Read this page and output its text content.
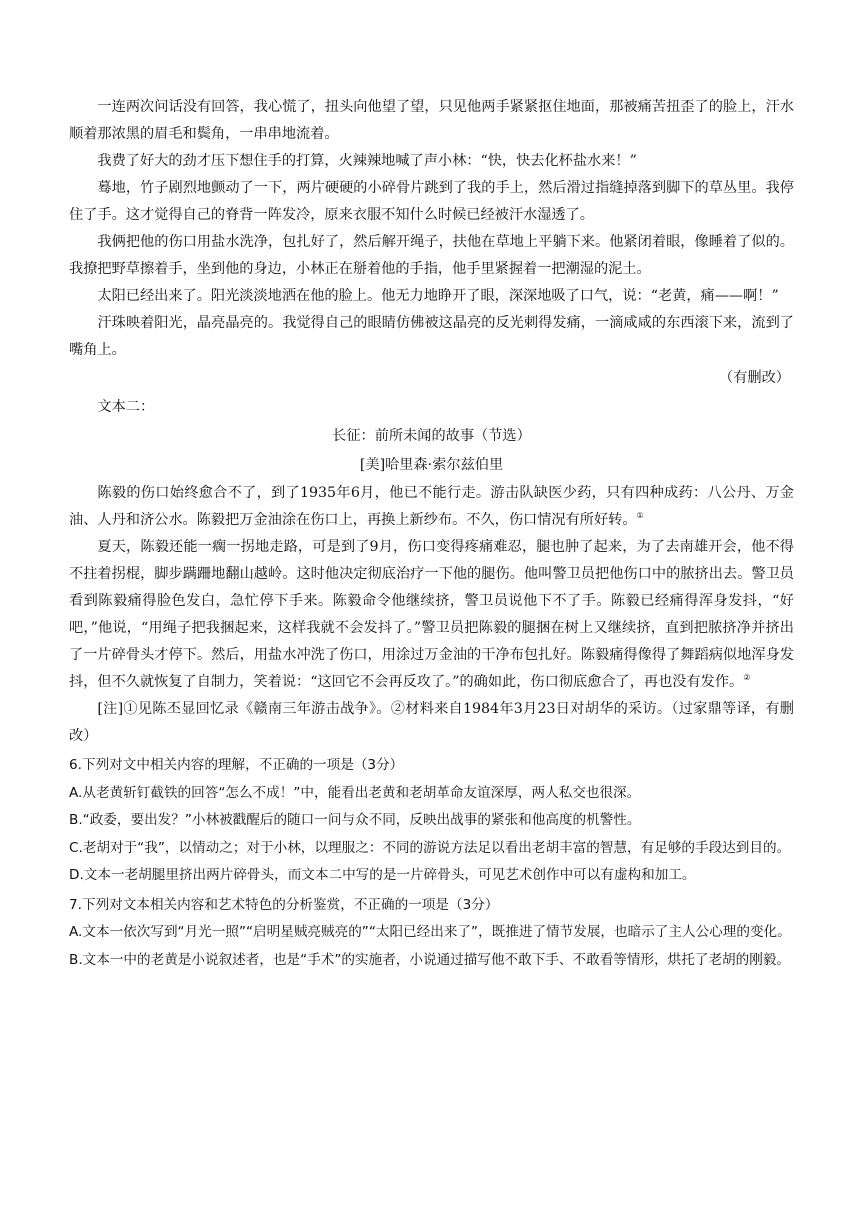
一连两次问话没有回答，我心慌了，扭头向他望了望，只见他两手紧紧抠住地面，那被痛苦扭歪了的脸上，汗水顺着那浓黑的眉毛和鬓角，一串串地流着。

我费了好大的劲才压下想住手的打算，火辣辣地喊了声小林：“快，快去化杯盐水来！”

蓦地，竹子剧烈地颤动了一下，两片硬硬的小碎骨片跳到了我的手上，然后滑过指缝掉落到脚下的草丛里。我停住了手。这才觉得自己的脊背一阵发冷，原来衣服不知什么时候已经被汗水湿透了。

我俩把他的伤口用盐水洗净，包扎好了，然后解开绳子，扶他在草地上平躺下来。他紧闭着眼，像睡着了似的。我撩把野草擦着手，坐到他的身边，小林正在掰着他的手指，他手里紧握着一把潮湿的泥土。

太阳已经出来了。阳光淡淡地洒在他的脸上。他无力地睁开了眼，深深地吸了口气，说：“老黄，痛——啊！”

汗珠映着阳光，晶亮晶亮的。我觉得自己的眼睛仿佛被这晶亮的反光刺得发痛，一滴咸咸的东西滚下来，流到了嘴角上。

（有删改）

文本二：

长征：前所未闻的故事（节选）

[美]哈里森·索尔兹伯里

陈毅的伤口始终愈合不了，到了1935年6月，他已不能行走。游击队缺医少药，只有四种成药：八公丹、万金油、人丹和济公水。陈毅把万金油涂在伤口上，再换上新纱布。不久，伤口情况有所好转。①

夏天，陈毅还能一瘸一拐地走路，可是到了9月，伤口变得疼痛难忍，腿也肿了起来，为了去南雄开会，他不得不拄着拐棍，脚步蹒跚地翻山越岭。这时他决定彻底治疗一下他的腿伤。他叫警卫员把他伤口中的脓挤出去。警卫员看到陈毅痛得脸色发白，急忙停下手来。陈毅命令他继续挤，警卫员说他下不了手。陈毅已经痛得浑身发抖，“好吧，”他说，“用绳子把我捆起来，这样我就不会发抖了。”警卫员把陈毅的腿捆在树上又继续挤，直到把脓挤净并挤出了一片碎骨头才停下。然后，用盐水冲洗了伤口，用涂过万金油的干净布包扎好。陈毅痛得像得了舞蹈病似地浑身发抖，但不久就恢复了自制力，笑着说：“这回它不会再反攻了。”的确如此，伤口彻底愈合了，再也没有发作。②

[注]①见陈丕显回忆录《赣南三年游击战争》。②材料来自1984年3月23日对胡华的采访。（过家鼎等译，有删改）

6.下列对文中相关内容的理解，不正确的一项是（3分）

A.从老黄斩钉截铁的回答“怎么不成！”中，能看出老黄和老胡革命友谊深厚，两人私交也很深。

B.“政委，要出发？”小林被戳醒后的随口一问与众不同，反映出战事的紧张和他高度的机警性。

C.老胡对于“我”，以情动之；对于小林，以理服之：不同的游说方法足以看出老胡丰富的智慧，有足够的手段达到目的。

D.文本一老胡腿里挤出两片碎骨头，而文本二中写的是一片碎骨头，可见艺术创作中可以有虚构和加工。

7.下列对文本相关内容和艺术特色的分析鉴赏，不正确的一项是（3分）

A.文本一依次写到“月光一照”“启明星贼亮贼亮的”“太阳已经出来了”，既推进了情节发展，也暗示了主人公心理的变化。

B.文本一中的老黄是小说叙述者，也是“手术”的实施者，小说通过描写他不敢下手、不敢看等情形，烘托了老胡的刚毅。
